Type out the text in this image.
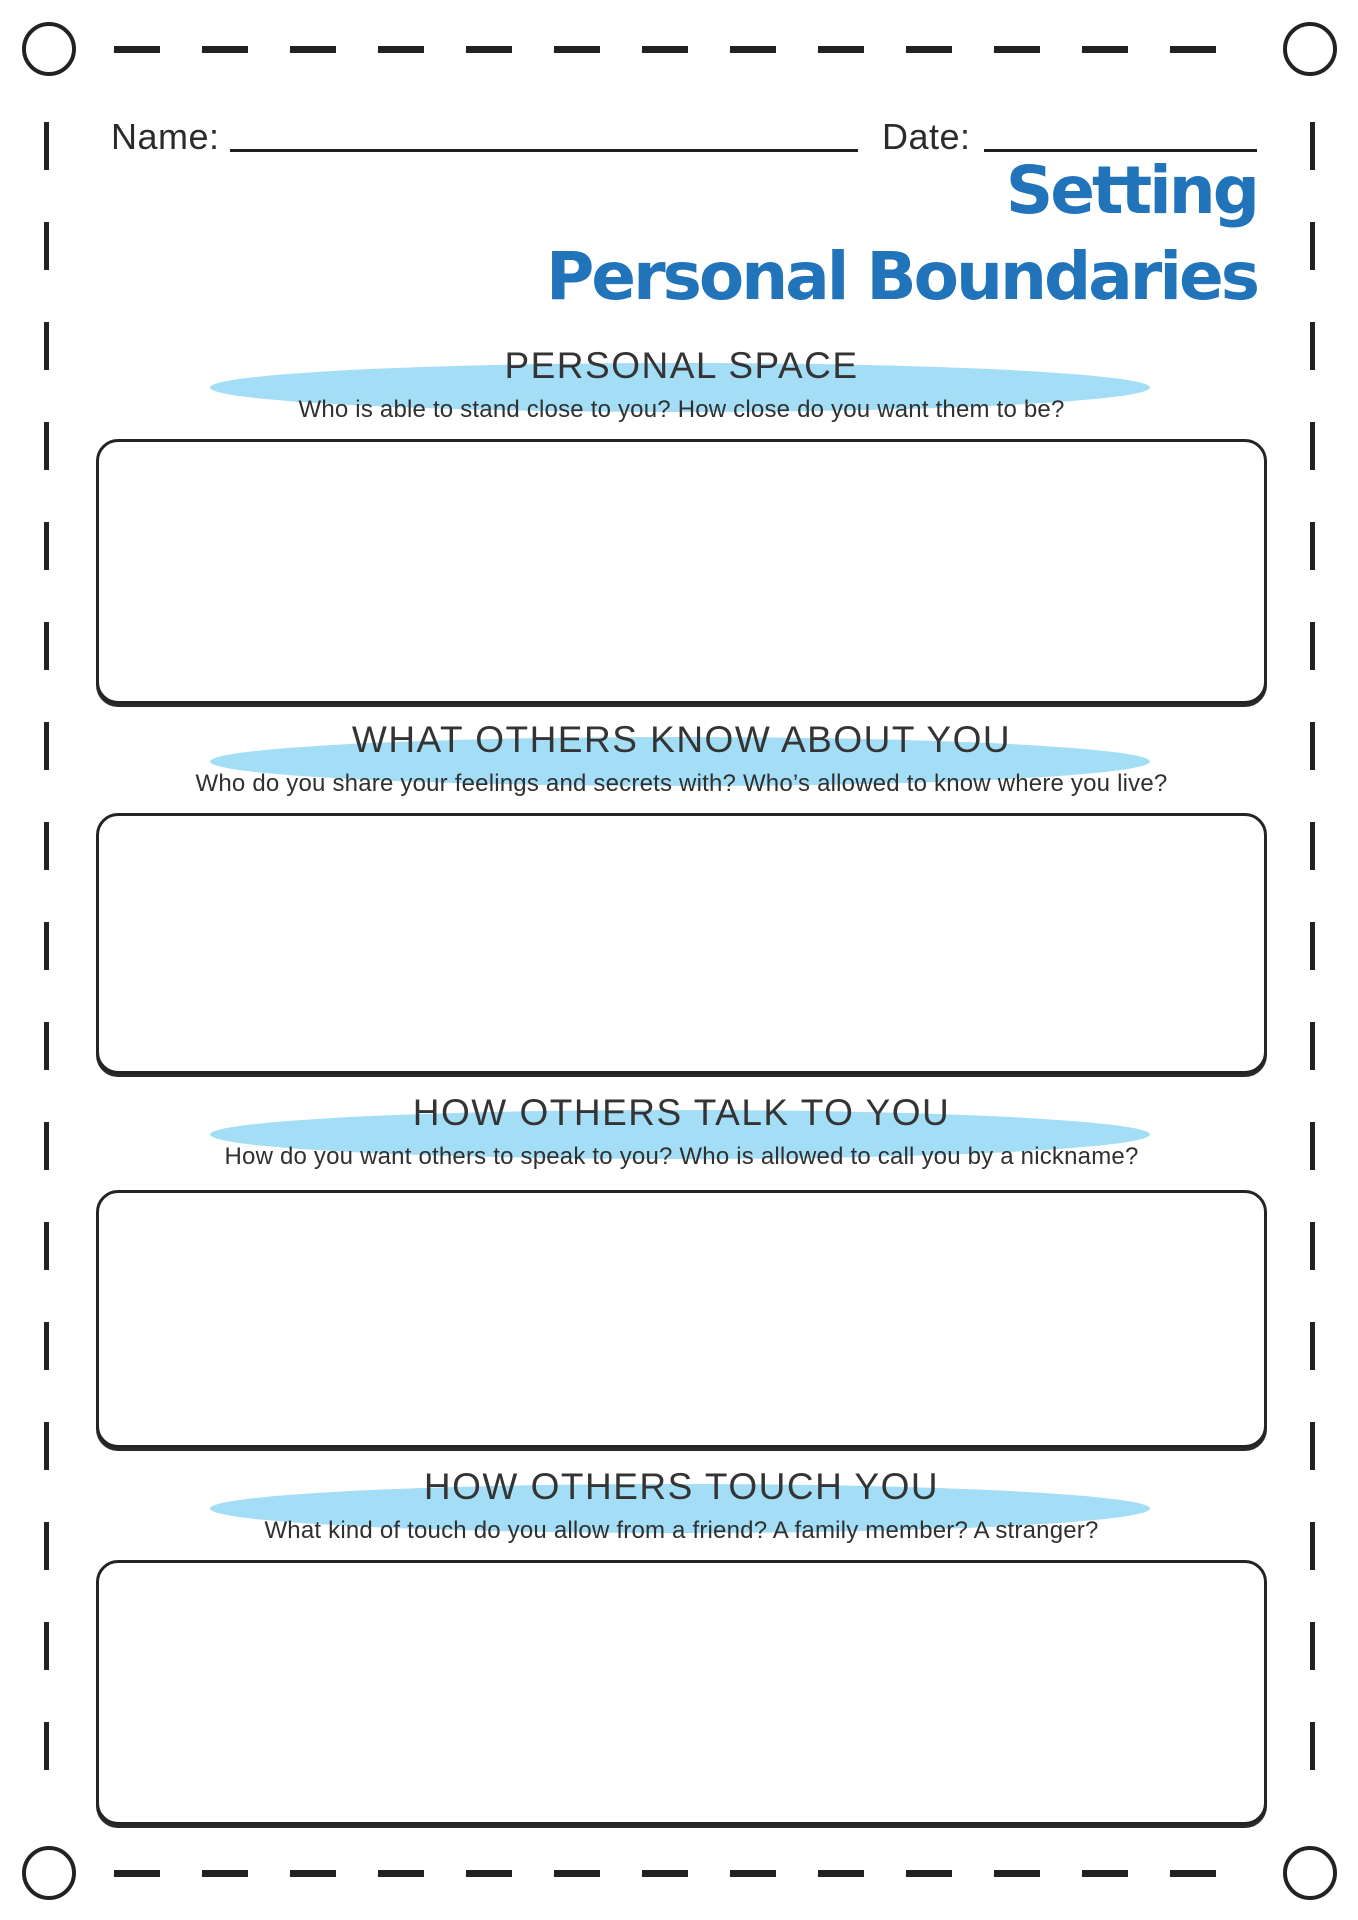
Name:	Date:
Setting
Personal Boundaries
PERSONAL SPACE

Who is able to stand close to you? How close do you want them to be?

WHAT OTHERS KNOW ABOUT YOU

Who do you share your feelings and secrets with? Who’s allowed to know where you live?

HOW OTHERS TALK TO YOU

How do you want others to speak to you? Who is allowed to call you by a nickname?

HOW OTHERS TOUCH YOU

What kind of touch do you allow from a friend? A family member? A stranger?
